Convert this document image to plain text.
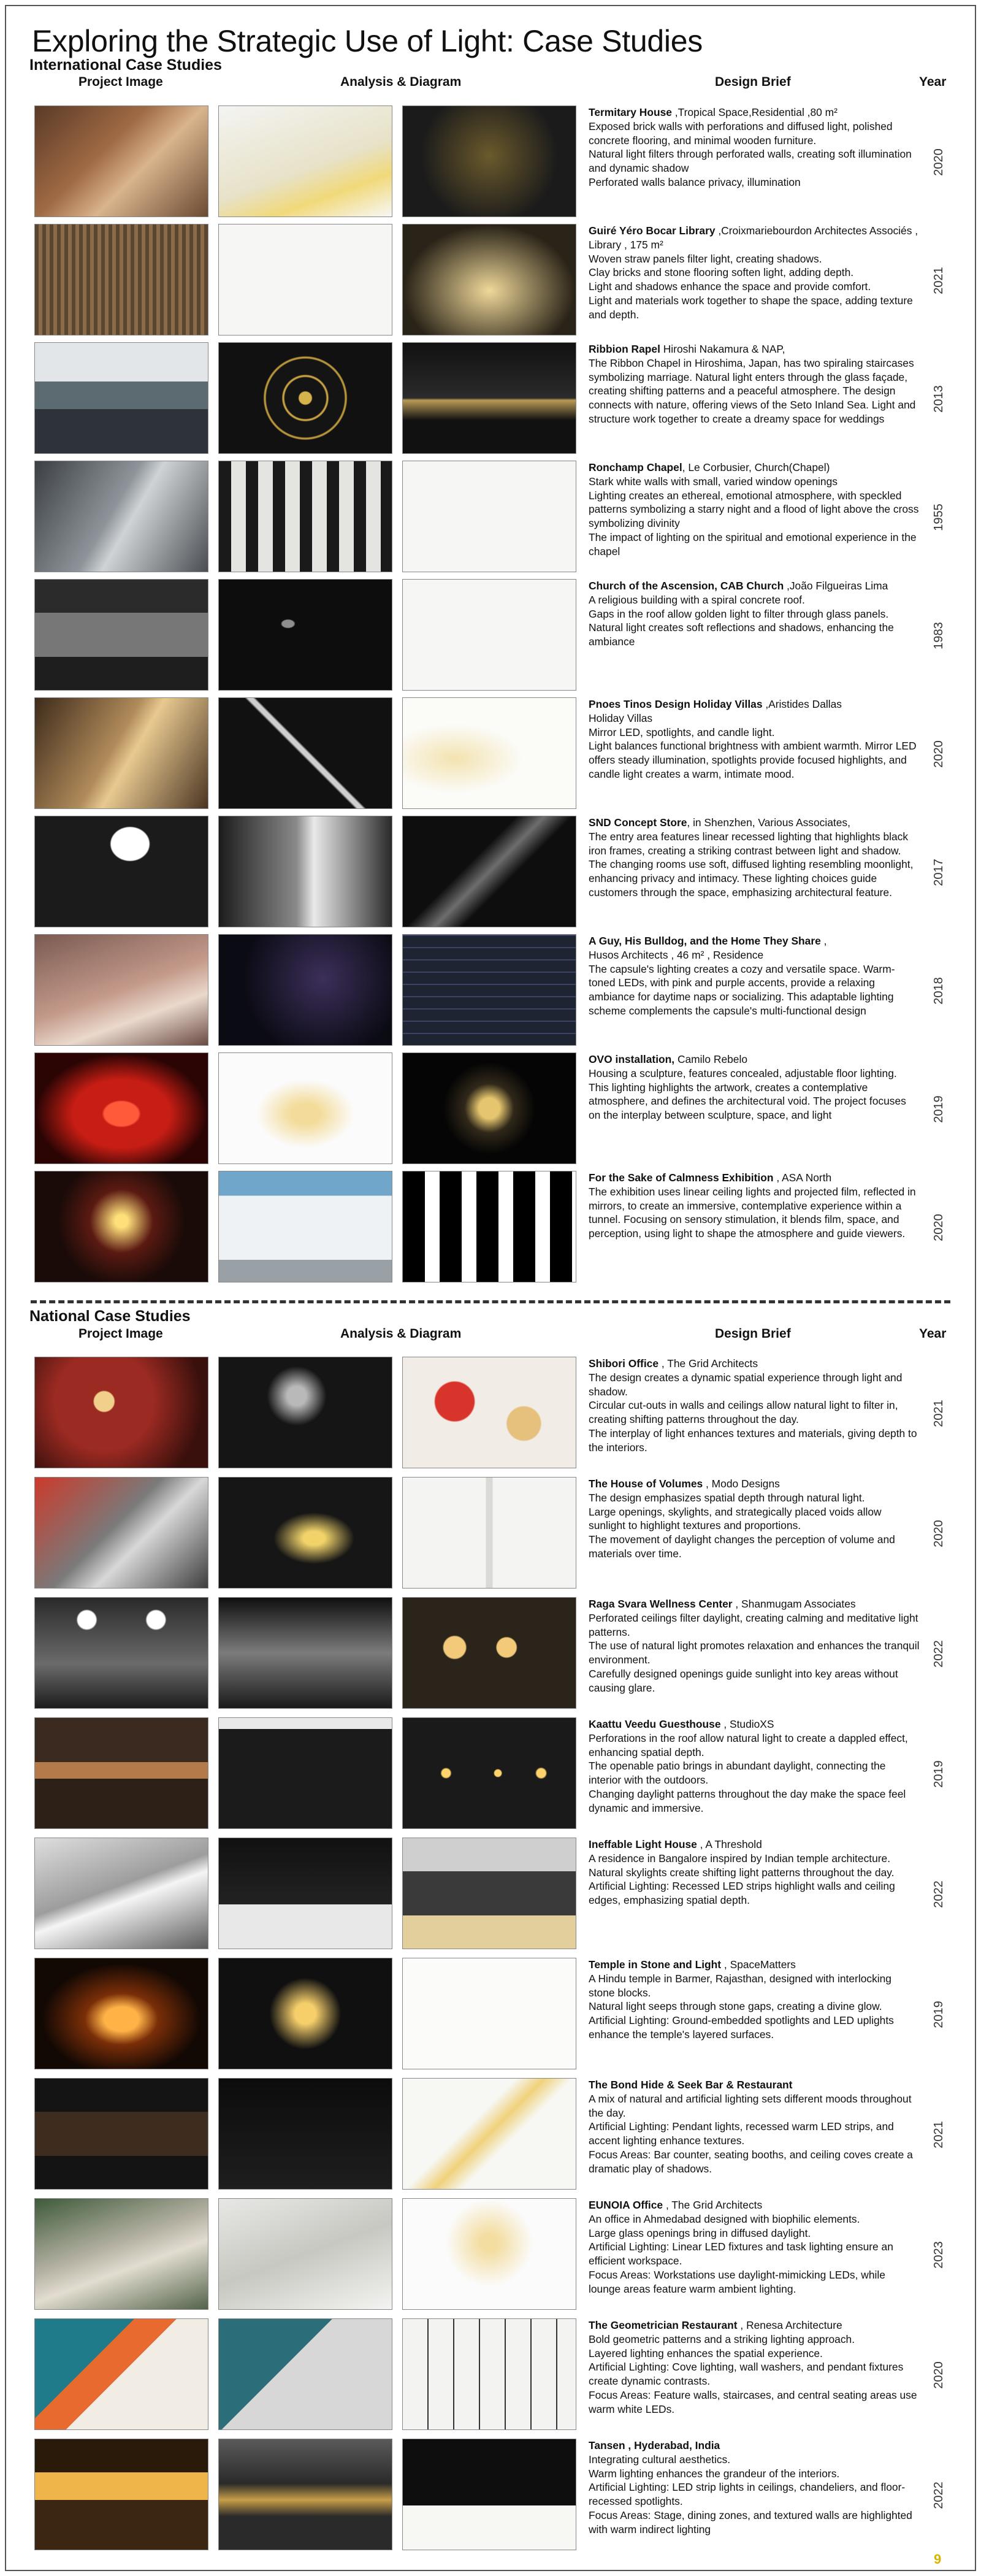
Exploring the Strategic Use of Light: Case Studies
International Case Studies
Project Image	Analysis & Diagram	Design Brief	Year
Termitary House ,Tropical Space,Residential ,80 m²
Exposed brick walls with perforations and diffused light, polished concrete flooring, and minimal wooden furniture.
Natural light filters through perforated walls, creating soft illumination and dynamic shadow
Perforated walls balance privacy, illumination
2020
Guiré Yéro Bocar Library ,Croixmariebourdon Architectes Associés , Library , 175 m²
Woven straw panels filter light, creating shadows.
Clay bricks and stone flooring soften light, adding depth.
Light and shadows enhance the space and provide comfort.
Light and materials work together to shape the space, adding texture and depth.
2021
Ribbion Rapel Hiroshi Nakamura & NAP,
The Ribbon Chapel in Hiroshima, Japan, has two spiraling staircases symbolizing marriage. Natural light enters through the glass façade, creating shifting patterns and a peaceful atmosphere. The design connects with nature, offering views of the Seto Inland Sea. Light and structure work together to create a dreamy space for weddings
2013
Ronchamp Chapel, Le Corbusier, Church(Chapel)
Stark white walls with small, varied window openings
Lighting creates an ethereal, emotional atmosphere, with speckled patterns symbolizing a starry night and a flood of light above the cross symbolizing divinity
The impact of lighting on the spiritual and emotional experience in the chapel
1955
Church of the Ascension, CAB Church ,João Filgueiras Lima
A religious building with a spiral concrete roof.
Gaps in the roof allow golden light to filter through glass panels.
Natural light creates soft reflections and shadows, enhancing the ambiance	1983
Pnoes Tinos Design Holiday Villas ,Aristides Dallas
Holiday Villas
Mirror LED, spotlights, and candle light.
Light balances functional brightness with ambient warmth. Mirror LED offers steady illumination, spotlights provide focused highlights, and candle light creates a warm, intimate mood.
2020
SND Concept Store, in Shenzhen, Various Associates,
The entry area features linear recessed lighting that highlights black iron frames, creating a striking contrast between light and shadow. The changing rooms use soft, diffused lighting resembling moonlight, enhancing privacy and intimacy. These lighting choices guide customers through the space, emphasizing architectural feature.
2017
A Guy, His Bulldog, and the Home They Share ,
Husos Architects , 46 m² , Residence
The capsule's lighting creates a cozy and versatile space. Warm-toned LEDs, with pink and purple accents, provide a relaxing ambiance for daytime naps or socializing. This adaptable lighting scheme complements the capsule's multi-functional design
2018
OVO installation, Camilo Rebelo
Housing a sculpture, features concealed, adjustable floor lighting. This lighting highlights the artwork, creates a contemplative atmosphere, and defines the architectural void. The project focuses on the interplay between sculpture, space, and light	2019
For the Sake of Calmness Exhibition , ASA North
The exhibition uses linear ceiling lights and projected film, reflected in mirrors, to create an immersive, contemplative experience within a tunnel. Focusing on sensory stimulation, it blends film, space, and perception, using light to shape the atmosphere and guide viewers.	2020
National Case Studies
Project Image	Analysis & Diagram	Design Brief	Year
Shibori Office , The Grid Architects
The design creates a dynamic spatial experience through light and shadow.
Circular cut-outs in walls and ceilings allow natural light to filter in, creating shifting patterns throughout the day.
The interplay of light enhances textures and materials, giving depth to the interiors.
2021
The House of Volumes , Modo Designs
The design emphasizes spatial depth through natural light.
Large openings, skylights, and strategically placed voids allow sunlight to highlight textures and proportions.
The movement of daylight changes the perception of volume and materials over time.
2020
Raga Svara Wellness Center , Shanmugam Associates
Perforated ceilings filter daylight, creating calming and meditative light patterns.
The use of natural light promotes relaxation and enhances the tranquil environment.
Carefully designed openings guide sunlight into key areas without causing glare.
2022
Kaattu Veedu Guesthouse , StudioXS
Perforations in the roof allow natural light to create a dappled effect, enhancing spatial depth.
The openable patio brings in abundant daylight, connecting the interior with the outdoors.
Changing daylight patterns throughout the day make the space feel dynamic and immersive.
2019
Ineffable Light House , A Threshold
A residence in Bangalore inspired by Indian temple architecture.
Natural skylights create shifting light patterns throughout the day.
Artificial Lighting: Recessed LED strips highlight walls and ceiling edges, emphasizing spatial depth.	2022
Temple in Stone and Light , SpaceMatters
A Hindu temple in Barmer, Rajasthan, designed with interlocking stone blocks.
Natural light seeps through stone gaps, creating a divine glow.
Artificial Lighting: Ground-embedded spotlights and LED uplights enhance the temple's layered surfaces.
2019
The Bond Hide & Seek Bar & Restaurant
A mix of natural and artificial lighting sets different moods throughout the day.
Artificial Lighting: Pendant lights, recessed warm LED strips, and accent lighting enhance textures.
Focus Areas: Bar counter, seating booths, and ceiling coves create a dramatic play of shadows.
2021
EUNOIA Office , The Grid Architects
An office in Ahmedabad designed with biophilic elements.
Large glass openings bring in diffused daylight.
Artificial Lighting: Linear LED fixtures and task lighting ensure an efficient workspace.
Focus Areas: Workstations use daylight-mimicking LEDs, while lounge areas feature warm ambient lighting.
2023
The Geometrician Restaurant , Renesa Architecture
Bold geometric patterns and a striking lighting approach.
Layered lighting enhances the spatial experience.
Artificial Lighting: Cove lighting, wall washers, and pendant fixtures create dynamic contrasts.
Focus Areas: Feature walls, staircases, and central seating areas use warm white LEDs.
2020
Tansen , Hyderabad, India
Integrating cultural aesthetics.
Warm lighting enhances the grandeur of the interiors.
Artificial Lighting: LED strip lights in ceilings, chandeliers, and floor-recessed spotlights.
Focus Areas: Stage, dining zones, and textured walls are highlighted with warm indirect lighting
2022
9
